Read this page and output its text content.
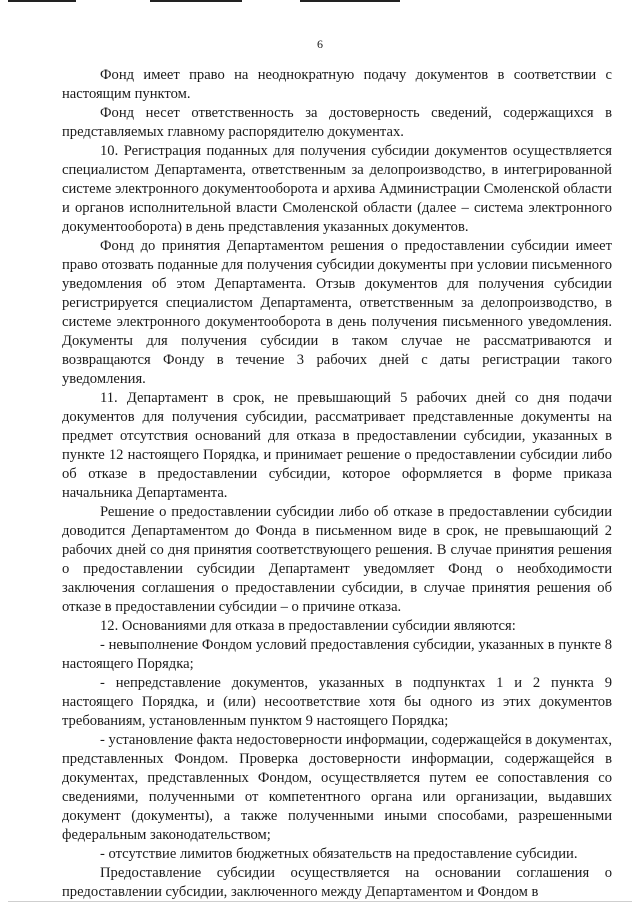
6

Фонд имеет право на неоднократную подачу документов в соответствии с настоящим пунктом.

Фонд несет ответственность за достоверность сведений, содержащихся в представляемых главному распорядителю документах.

10. Регистрация поданных для получения субсидии документов осуществляется специалистом Департамента, ответственным за делопроизводство, в интегрированной системе электронного документооборота и архива Администрации Смоленской области и органов исполнительной власти Смоленской области (далее – система электронного документооборота) в день представления указанных документов.

Фонд до принятия Департаментом решения о предоставлении субсидии имеет право отозвать поданные для получения субсидии документы при условии письменного уведомления об этом Департамента. Отзыв документов для получения субсидии регистрируется специалистом Департамента, ответственным за делопроизводство, в системе электронного документооборота в день получения письменного уведомления. Документы для получения субсидии в таком случае не рассматриваются и возвращаются Фонду в течение 3 рабочих дней с даты регистрации такого уведомления.

11. Департамент в срок, не превышающий 5 рабочих дней со дня подачи документов для получения субсидии, рассматривает представленные документы на предмет отсутствия оснований для отказа в предоставлении субсидии, указанных в пункте 12 настоящего Порядка, и принимает решение о предоставлении субсидии либо об отказе в предоставлении субсидии, которое оформляется в форме приказа начальника Департамента.

Решение о предоставлении субсидии либо об отказе в предоставлении субсидии доводится Департаментом до Фонда в письменном виде в срок, не превышающий 2 рабочих дней со дня принятия соответствующего решения. В случае принятия решения о предоставлении субсидии Департамент уведомляет Фонд о необходимости заключения соглашения о предоставлении субсидии, в случае принятия решения об отказе в предоставлении субсидии – о причине отказа.

12. Основаниями для отказа в предоставлении субсидии являются:

- невыполнение Фондом условий предоставления субсидии, указанных в пункте 8 настоящего Порядка;

- непредставление документов, указанных в подпунктах 1 и 2 пункта 9 настоящего Порядка, и (или) несоответствие хотя бы одного из этих документов требованиям, установленным пунктом 9 настоящего Порядка;

- установление факта недостоверности информации, содержащейся в документах, представленных Фондом. Проверка достоверности информации, содержащейся в документах, представленных Фондом, осуществляется путем ее сопоставления со сведениями, полученными от компетентного органа или организации, выдавших документ (документы), а также полученными иными способами, разрешенными федеральным законодательством;

- отсутствие лимитов бюджетных обязательств на предоставление субсидии.

Предоставление субсидии осуществляется на основании соглашения о предоставлении субсидии, заключенного между Департаментом и Фондом в
